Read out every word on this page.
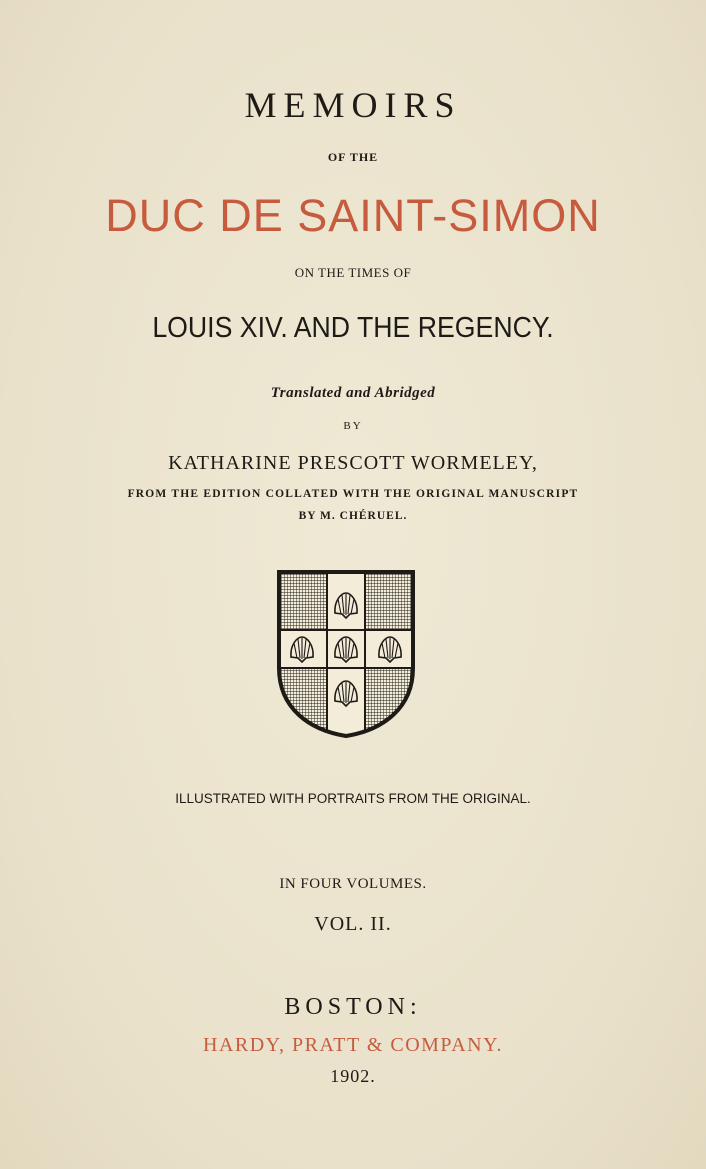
MEMOIRS
OF THE
DUC DE SAINT-SIMON
ON THE TIMES OF
LOUIS XIV. AND THE REGENCY.
Translated and Abridged
BY
KATHARINE PRESCOTT WORMELEY,
FROM THE EDITION COLLATED WITH THE ORIGINAL MANUSCRIPT
BY M. CHÉRUEL.
ILLUSTRATED WITH PORTRAITS FROM THE ORIGINAL.
IN FOUR VOLUMES.
VOL. II.
BOSTON:
HARDY, PRATT & COMPANY.
1902.
